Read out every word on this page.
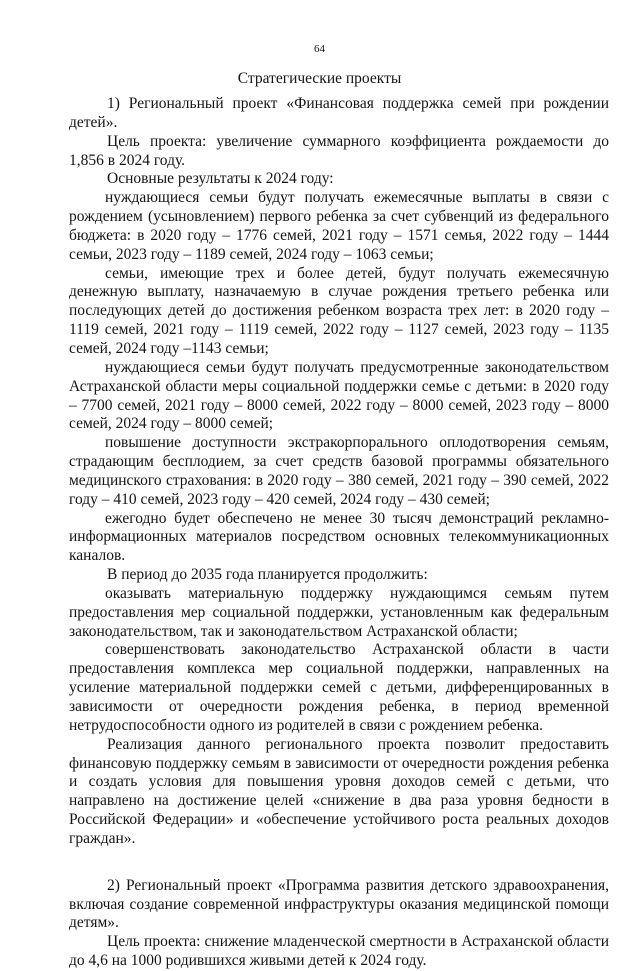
64
Стратегические проекты

1) Региональный проект «Финансовая поддержка семей при рождении детей».

Цель проекта: увеличение суммарного коэффициента рождаемости до 1,856 в 2024 году.

Основные результаты к 2024 году:

нуждающиеся семьи будут получать ежемесячные выплаты в связи с рождением (усыновлением) первого ребенка за счет субвенций из федерального бюджета: в 2020 году – 1776 семей, 2021 году – 1571 семья, 2022 году – 1444 семьи, 2023 году – 1189 семей, 2024 году – 1063 семьи;

семьи, имеющие трех и более детей, будут получать ежемесячную денежную выплату, назначаемую в случае рождения третьего ребенка или последующих детей до достижения ребенком возраста трех лет: в 2020 году – 1119 семей, 2021 году – 1119 семей, 2022 году – 1127 семей, 2023 году – 1135 семей, 2024 году –1143 семьи;

нуждающиеся семьи будут получать предусмотренные законодательством Астраханской области меры социальной поддержки семье с детьми: в 2020 году – 7700 семей, 2021 году – 8000 семей, 2022 году – 8000 семей, 2023 году – 8000 семей, 2024 году – 8000 семей;

повышение доступности экстракорпорального оплодотворения семьям, страдающим бесплодием, за счет средств базовой программы обязательного медицинского страхования: в 2020 году – 380 семей, 2021 году – 390 семей, 2022 году – 410 семей, 2023 году – 420 семей, 2024 году – 430 семей;

ежегодно будет обеспечено не менее 30 тысяч демонстраций рекламно-информационных материалов посредством основных телекоммуникационных каналов.

В период до 2035 года планируется продолжить:

оказывать материальную поддержку нуждающимся семьям путем предоставления мер социальной поддержки, установленным как федеральным законодательством, так и законодательством Астраханской области;

совершенствовать законодательство Астраханской области в части предоставления комплекса мер социальной поддержки, направленных на усиление материальной поддержки семей с детьми, дифференцированных в зависимости от очередности рождения ребенка, в период временной нетрудоспособности одного из родителей в связи с рождением ребенка.

Реализация данного регионального проекта позволит предоставить финансовую поддержку семьям в зависимости от очередности рождения ребенка и создать условия для повышения уровня доходов семей с детьми, что направлено на достижение целей «снижение в два раза уровня бедности в Российской Федерации» и «обеспечение устойчивого роста реальных доходов граждан».

2) Региональный проект «Программа развития детского здравоохранения, включая создание современной инфраструктуры оказания медицинской помощи детям».

Цель проекта: снижение младенческой смертности в Астраханской области до 4,6 на 1000 родившихся живыми детей к 2024 году.
